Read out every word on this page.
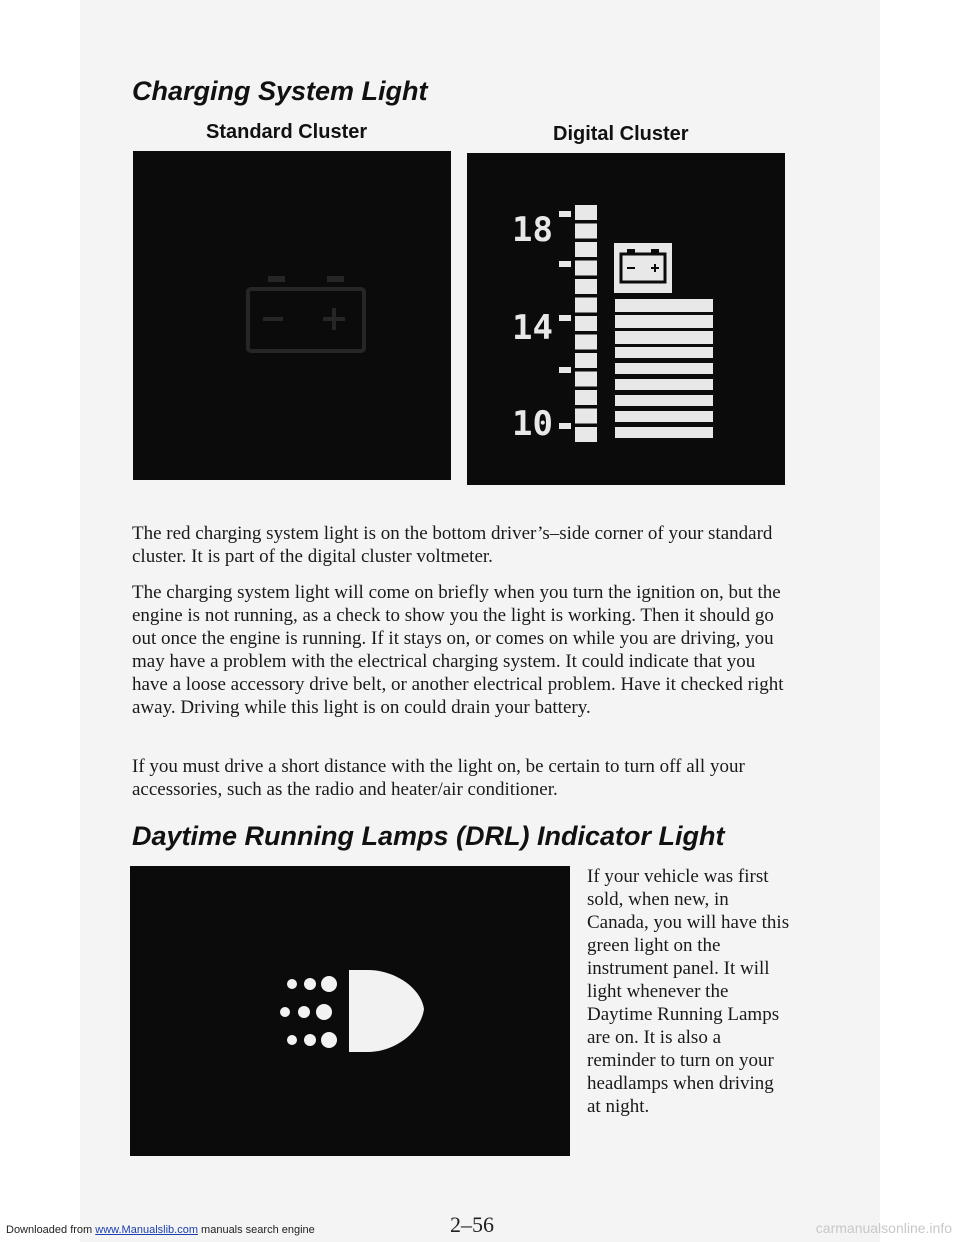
Charging System Light
Standard Cluster	Digital Cluster
18
14
10

The red charging system light is on the bottom driver’s–side corner of your standard cluster. It is part of the digital cluster voltmeter.

The charging system light will come on briefly when you turn the ignition on, but the engine is not running, as a check to show you the light is working. Then it should go out once the engine is running. If it stays on, or comes on while you are driving, you may have a problem with the electrical charging system. It could indicate that you have a loose accessory drive belt, or another electrical problem. Have it checked right away. Driving while this light is on could drain your battery.

If you must drive a short distance with the light on, be certain to turn off all your accessories, such as the radio and heater/air conditioner.

Daytime Running Lamps (DRL) Indicator Light

If your vehicle was first sold, when new, in Canada, you will have this green light on the instrument panel. It will light whenever the Daytime Running Lamps are on. It is also a reminder to turn on your headlamps when driving at night.

Downloaded from www.Manualslib.com manuals search engine	2–56	carmanualsonline.info
